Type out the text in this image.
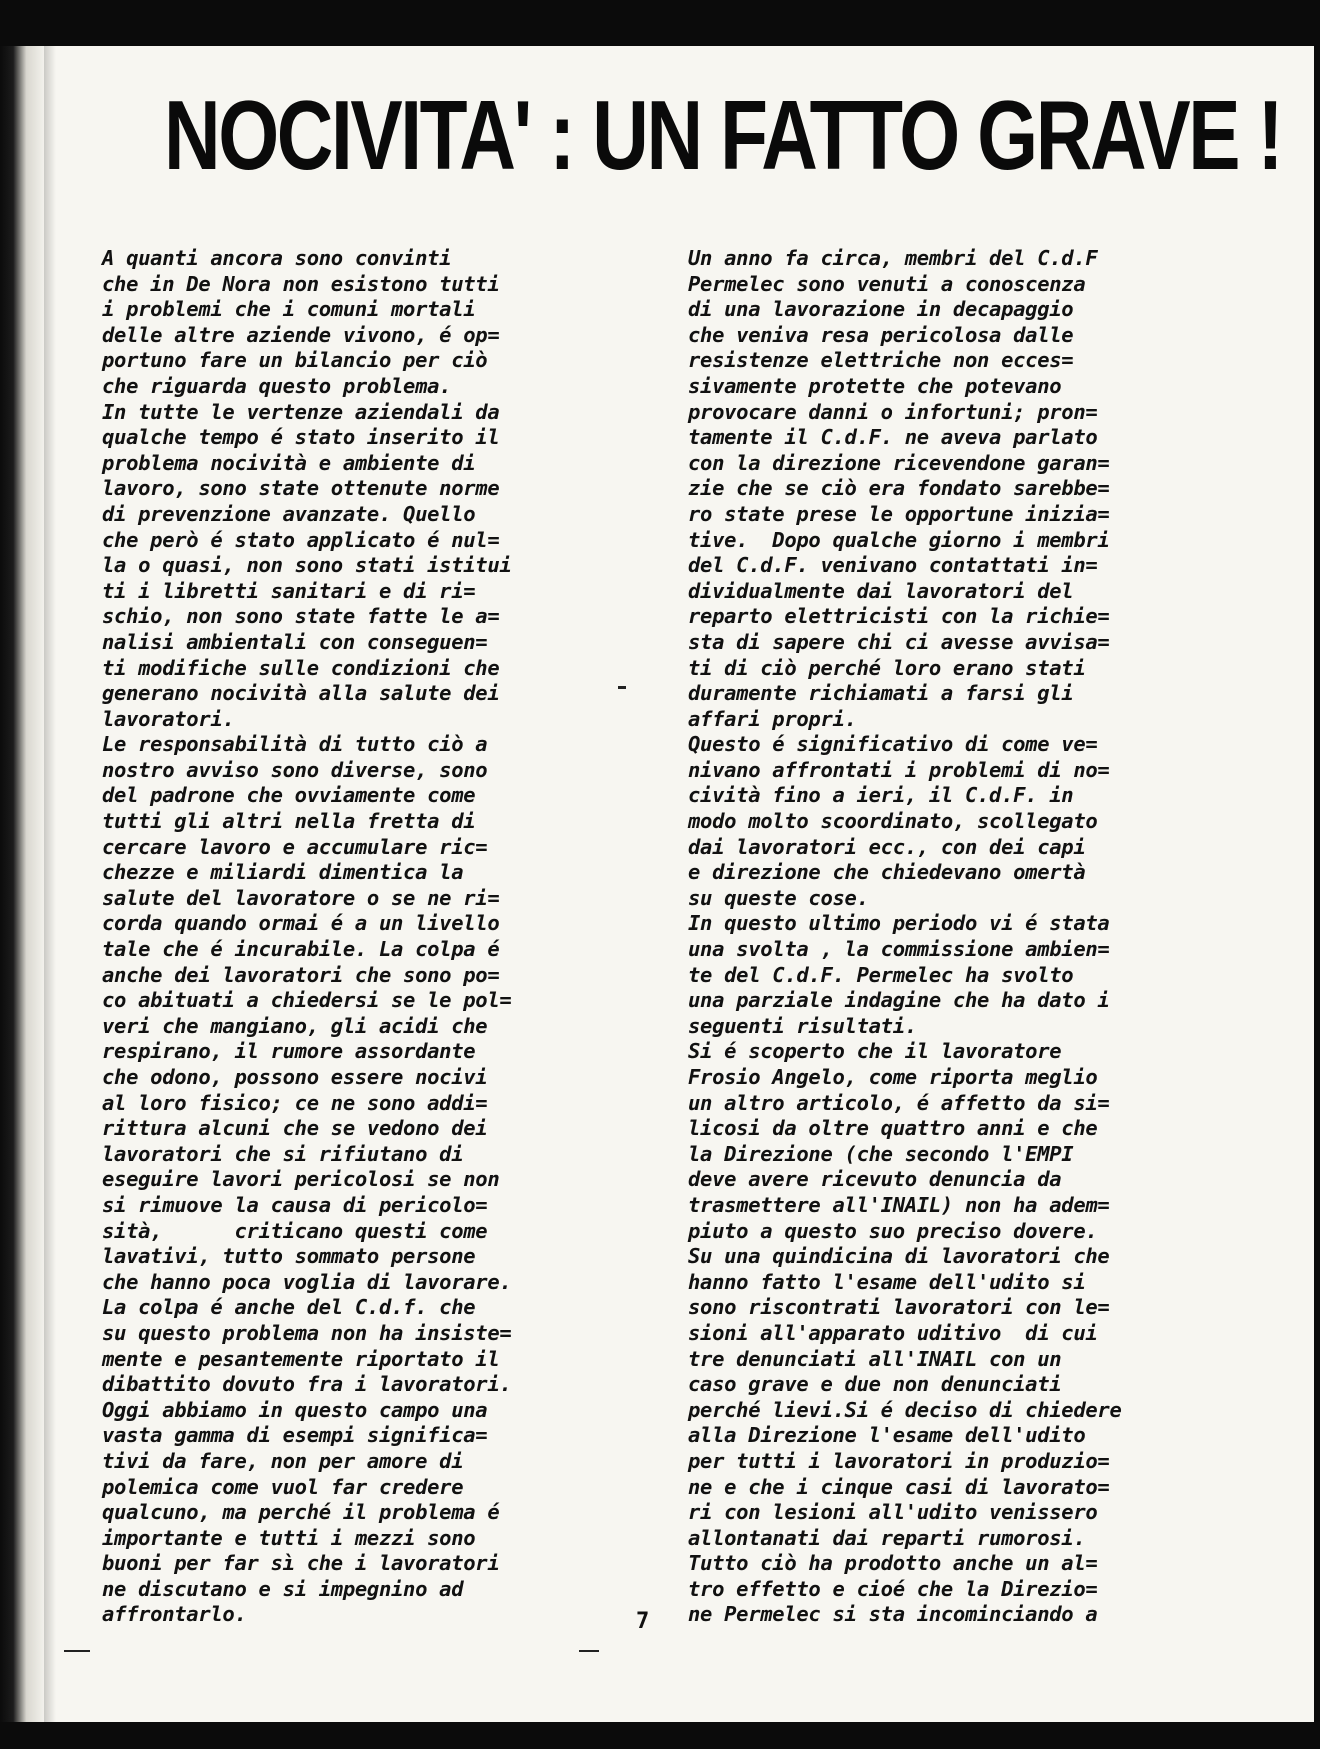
NOCIVITA' : UN FATTO GRAVE !
A quanti ancora sono convinti
che in De Nora non esistono tutti
i problemi che i comuni mortali
delle altre aziende vivono, é op=
portuno fare un bilancio per ciò
che riguarda questo problema.
In tutte le vertenze aziendali da
qualche tempo é stato inserito il
problema nocività e ambiente di
lavoro, sono state ottenute norme
di prevenzione avanzate. Quello
che però é stato applicato é nul=
la o quasi, non sono stati istitui
ti i libretti sanitari e di ri=
schio, non sono state fatte le a=
nalisi ambientali con conseguen=
ti modifiche sulle condizioni che
generano nocività alla salute dei
lavoratori.
Le responsabilità di tutto ciò a
nostro avviso sono diverse, sono
del padrone che ovviamente come
tutti gli altri nella fretta di
cercare lavoro e accumulare ric=
chezze e miliardi dimentica la
salute del lavoratore o se ne ri=
corda quando ormai é a un livello
tale che é incurabile. La colpa é
anche dei lavoratori che sono po=
co abituati a chiedersi se le pol=
veri che mangiano, gli acidi che
respirano, il rumore assordante
che odono, possono essere nocivi
al loro fisico; ce ne sono addi=
rittura alcuni che se vedono dei
lavoratori che si rifiutano di
eseguire lavori pericolosi se non
si rimuove la causa di pericolo=
sità,      criticano questi come
lavativi, tutto sommato persone
che hanno poca voglia di lavorare.
La colpa é anche del C.d.f. che
su questo problema non ha insiste=
mente e pesantemente riportato il
dibattito dovuto fra i lavoratori.
Oggi abbiamo in questo campo una
vasta gamma di esempi significa=
tivi da fare, non per amore di
polemica come vuol far credere
qualcuno, ma perché il problema é
importante e tutti i mezzi sono
buoni per far sì che i lavoratori
ne discutano e si impegnino ad
affrontarlo.
Un anno fa circa, membri del C.d.F
Permelec sono venuti a conoscenza
di una lavorazione in decapaggio
che veniva resa pericolosa dalle
resistenze elettriche non ecces=
sivamente protette che potevano
provocare danni o infortuni; pron=
tamente il C.d.F. ne aveva parlato
con la direzione ricevendone garan=
zie che se ciò era fondato sarebbe=
ro state prese le opportune inizia=
tive.  Dopo qualche giorno i membri
del C.d.F. venivano contattati in=
dividualmente dai lavoratori del
reparto elettricisti con la richie=
sta di sapere chi ci avesse avvisa=
ti di ciò perché loro erano stati
duramente richiamati a farsi gli
affari propri.
Questo é significativo di come ve=
nivano affrontati i problemi di no=
cività fino a ieri, il C.d.F. in
modo molto scoordinato, scollegato
dai lavoratori ecc., con dei capi
e direzione che chiedevano omertà
su queste cose.
In questo ultimo periodo vi é stata
una svolta , la commissione ambien=
te del C.d.F. Permelec ha svolto
una parziale indagine che ha dato i
seguenti risultati.
Si é scoperto che il lavoratore
Frosio Angelo, come riporta meglio
un altro articolo, é affetto da si=
licosi da oltre quattro anni e che
la Direzione (che secondo l'EMPI
deve avere ricevuto denuncia da
trasmettere all'INAIL) non ha adem=
piuto a questo suo preciso dovere.
Su una quindicina di lavoratori che
hanno fatto l'esame dell'udito si
sono riscontrati lavoratori con le=
sioni all'apparato uditivo  di cui
tre denunciati all'INAIL con un
caso grave e due non denunciati
perché lievi.Si é deciso di chiedere
alla Direzione l'esame dell'udito
per tutti i lavoratori in produzio=
ne e che i cinque casi di lavorato=
ri con lesioni all'udito venissero
allontanati dai reparti rumorosi.
Tutto ciò ha prodotto anche un al=
tro effetto e cioé che la Direzio=
ne Permelec si sta incominciando a
7
